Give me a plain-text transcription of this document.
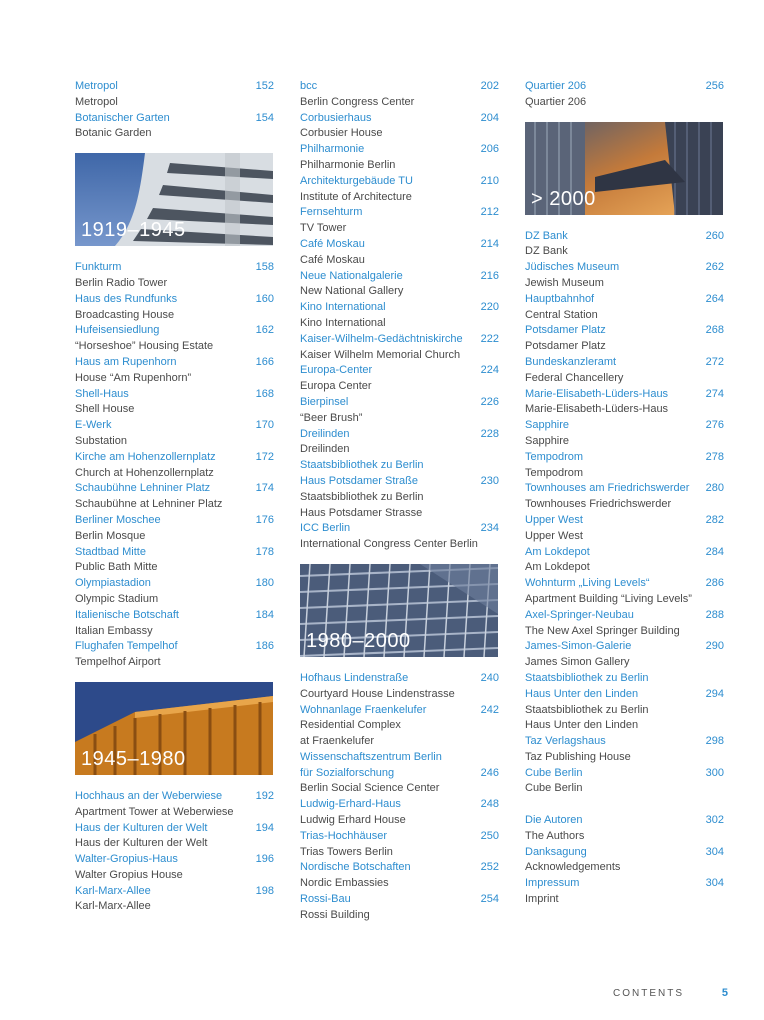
Metropol	152
Metropol
Botanischer Garten	154
Botanic Garden
1919–1945
Funkturm	158
Berlin Radio Tower
Haus des Rundfunks	160
Broadcasting House
Hufeisensiedlung	162
“Horseshoe” Housing Estate
Haus am Rupenhorn	166
House “Am Rupenhorn”
Shell-Haus	168
Shell House
E-Werk	170
Substation
Kirche am Hohenzollernplatz	172
Church at Hohenzollernplatz
Schaubühne Lehniner Platz	174
Schaubühne at Lehniner Platz
Berliner Moschee	176
Berlin Mosque
Stadtbad Mitte	178
Public Bath Mitte
Olympiastadion	180
Olympic Stadium
Italienische Botschaft	184
Italian Embassy
Flughafen Tempelhof	186
Tempelhof Airport
1945–1980
Hochhaus an der Weberwiese	192
Apartment Tower at Weberwiese
Haus der Kulturen der Welt	194
Haus der Kulturen der Welt
Walter-Gropius-Haus	196
Walter Gropius House
Karl-Marx-Allee	198
Karl-Marx-Allee
bcc	202
Berlin Congress Center
Corbusierhaus	204
Corbusier House
Philharmonie	206
Philharmonie Berlin
Architekturgebäude TU	210
Institute of Architecture
Fernsehturm	212
TV Tower
Café Moskau	214
Café Moskau
Neue Nationalgalerie	216
New National Gallery
Kino International	220
Kino International
Kaiser-Wilhelm-Gedächtniskirche 222
Kaiser Wilhelm Memorial Church
Europa-Center	224
Europa Center
Bierpinsel	226
“Beer Brush”
Dreilinden	228
Dreilinden
Staatsbibliothek zu Berlin
Haus Potsdamer Straße	230
Staatsbibliothek zu Berlin
Haus Potsdamer Strasse
ICC Berlin	234
International Congress Center Berlin
1980–2000
Hofhaus Lindenstraße	240
Courtyard House Lindenstrasse
Wohnanlage Fraenkelufer	242
Residential Complex
at Fraenkelufer
Wissenschaftszentrum Berlin
für Sozialforschung	246
Berlin Social Science Center
Ludwig-Erhard-Haus	248
Ludwig Erhard House
Trias-Hochhäuser	250
Trias Towers Berlin
Nordische Botschaften	252
Nordic Embassies
Rossi-Bau	254
Rossi Building
Quartier 206	256
Quartier 206
> 2000
DZ Bank	260
DZ Bank
Jüdisches Museum	262
Jewish Museum
Hauptbahnhof	264
Central Station
Potsdamer Platz	268
Potsdamer Platz
Bundeskanzleramt	272
Federal Chancellery
Marie-Elisabeth-Lüders-Haus	274
Marie-Elisabeth-Lüders-Haus
Sapphire	276
Sapphire
Tempodrom	278
Tempodrom
Townhouses am Friedrichswerder 280
Townhouses Friedrichswerder
Upper West	282
Upper West
Am Lokdepot	284
Am Lokdepot
Wohnturm „Living Levels“	286
Apartment Building “Living Levels”
Axel-Springer-Neubau	288
The New Axel Springer Building
James-Simon-Galerie	290
James Simon Gallery
Staatsbibliothek zu Berlin
Haus Unter den Linden	294
Staatsbibliothek zu Berlin
Haus Unter den Linden
Taz Verlagshaus	298
Taz Publishing House
Cube Berlin	300
Cube Berlin
Die Autoren	302
The Authors
Danksagung	304
Acknowledgements
Impressum	304
Imprint
CONTENTS	5
